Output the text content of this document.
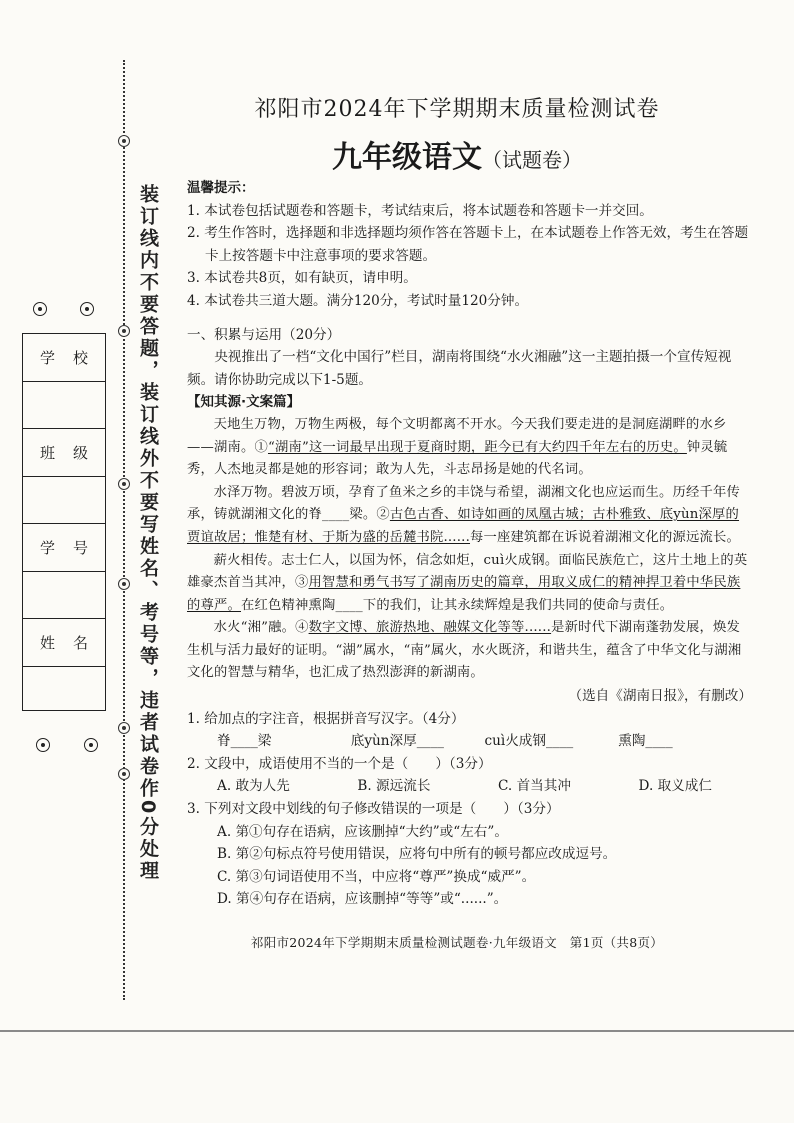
装订线内不要答题，装订线外不要写姓名、考号等，违者试卷作0分处理
学 校
班 级
学 号
姓 名
祁阳市2024年下学期期末质量检测试卷
九年级语文（试题卷）

温馨提示：

1. 本试卷包括试题卷和答题卡，考试结束后，将本试题卷和答题卡一并交回。

2. 考生作答时，选择题和非选择题均须作答在答题卡上，在本试题卷上作答无效，考生在答题卡上按答题卡中注意事项的要求答题。

3. 本试卷共8页，如有缺页，请申明。

4. 本试卷共三道大题。满分120分，考试时量120分钟。

一、积累与运用（20分）

央视推出了一档“文化中国行”栏目，湖南将围绕“水火湘融”这一主题拍摄一个宣传短视频。请你协助完成以下1-5题。

【知其源·文案篇】

天地生万物，万物生两极，每个文明都离不开水。今天我们要走进的是洞庭湖畔的水乡——湖南。①“湖南”这一词最早出现于夏商时期，距今已有大约四千年左右的历史。钟灵毓秀，人杰地灵都是她的形容词；敢为人先，斗志昂扬是她的代名词。

水泽万物。碧波万顷，孕育了鱼米之乡的丰饶与希望，湖湘文化也应运而生。历经千年传承，铸就湖湘文化的脊____梁。②古色古香、如诗如画的凤凰古城；古朴雅致、底yùn深厚的贾谊故居；惟楚有材、于斯为盛的岳麓书院......每一座建筑都在诉说着湖湘文化的源远流长。

薪火相传。志士仁人，以国为怀，信念如炬，cuì火成钢。面临民族危亡，这片土地上的英雄豪杰首当其冲，③用智慧和勇气书写了湖南历史的篇章，用取义成仁的精神捍卫着中华民族的尊严。在红色精神熏陶____下的我们，让其永续辉煌是我们共同的使命与责任。

水火“湘”融。④数字文博、旅游热地、融媒文化等等......是新时代下湖南蓬勃发展，焕发生机与活力最好的证明。“湖”属水，“南”属火，水火既济，和谐共生，蕴含了中华文化与湖湘文化的智慧与精华，也汇成了热烈澎湃的新湖南。

（选自《湖南日报》，有删改）

1. 给加点的字注音，根据拼音写汉字。（4分）

脊____梁	底yùn深厚____	cuì火成钢____	熏陶____

2. 文段中，成语使用不当的一个是（　　）（3分）

A. 敢为人先	B. 源远流长	C. 首当其冲	D. 取义成仁

3. 下列对文段中划线的句子修改错误的一项是（　　）（3分）

A. 第①句存在语病，应该删掉“大约”或“左右”。

B. 第②句标点符号使用错误，应将句中所有的顿号都应改成逗号。

C. 第③句词语使用不当，中应将“尊严”换成“威严”。

D. 第④句存在语病，应该删掉“等等”或“......”。

祁阳市2024年下学期期末质量检测试题卷·九年级语文　第1页（共8页）
